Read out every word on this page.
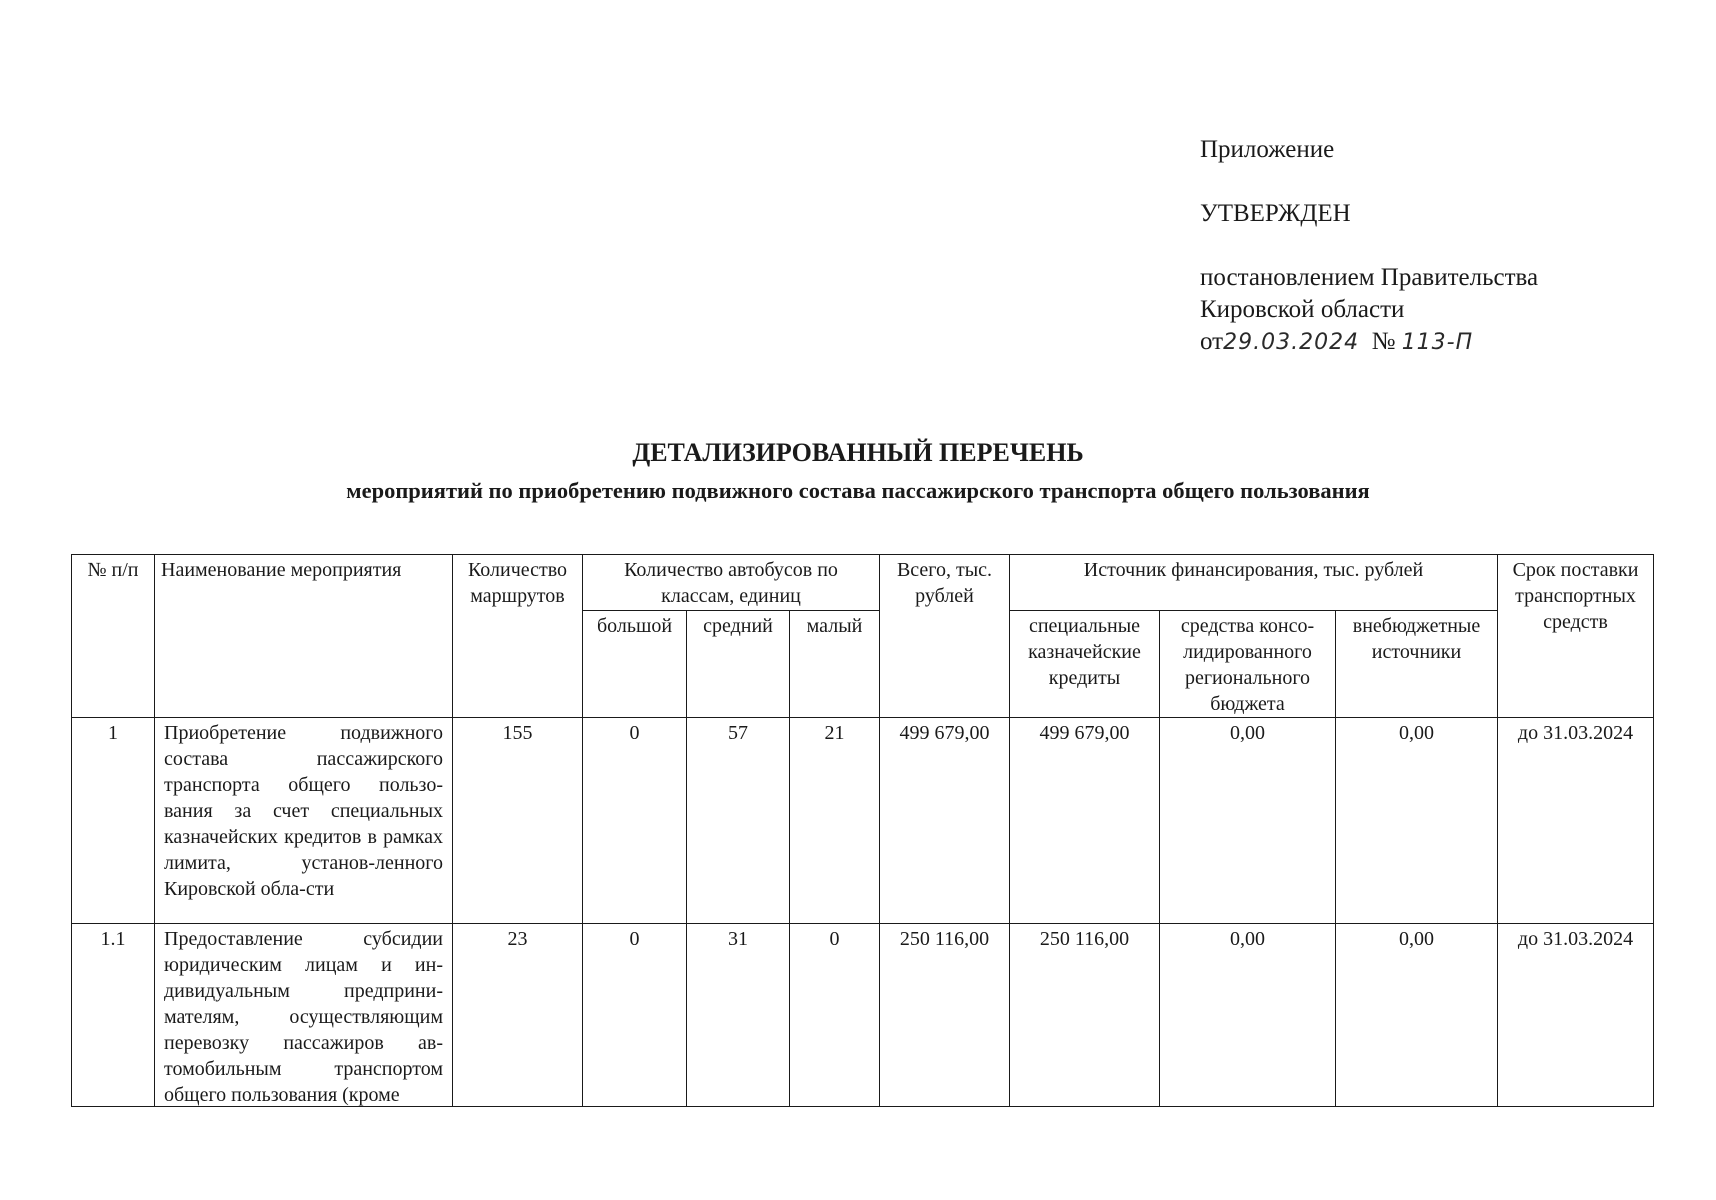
Приложение
УТВЕРЖДЕН
постановлением Правительства
Кировской области
от29.03.2024 № 113-П
ДЕТАЛИЗИРОВАННЫЙ ПЕРЕЧЕНЬ
мероприятий по приобретению подвижного состава пассажирского транспорта общего пользования
№ п/п	Наименование мероприятия	Количество маршрутов	Количество автобусов по классам, единиц			Всего, тыс. рублей	Источник финансирования, тыс. рублей			Срок поставки транспортных средств
			большой	средний	малый		специальные казначейские кредиты	средства консо-лидированного регионального бюджета	внебюджетные источники	
1	Приобретение подвижного состава пассажирского транспорта общего пользо-вания за счет специальных казначейских кредитов в рамках лимита, установ-ленного Кировской обла-сти	155	0	57	21	499 679,00	499 679,00	0,00	0,00	до 31.03.2024
1.1	Предоставление субсидии юридическим лицам и ин-дивидуальным предприни-мателям, осуществляющим перевозку пассажиров ав-томобильным транспортом общего пользования (кроме	23	0	31	0	250 116,00	250 116,00	0,00	0,00	до 31.03.2024
